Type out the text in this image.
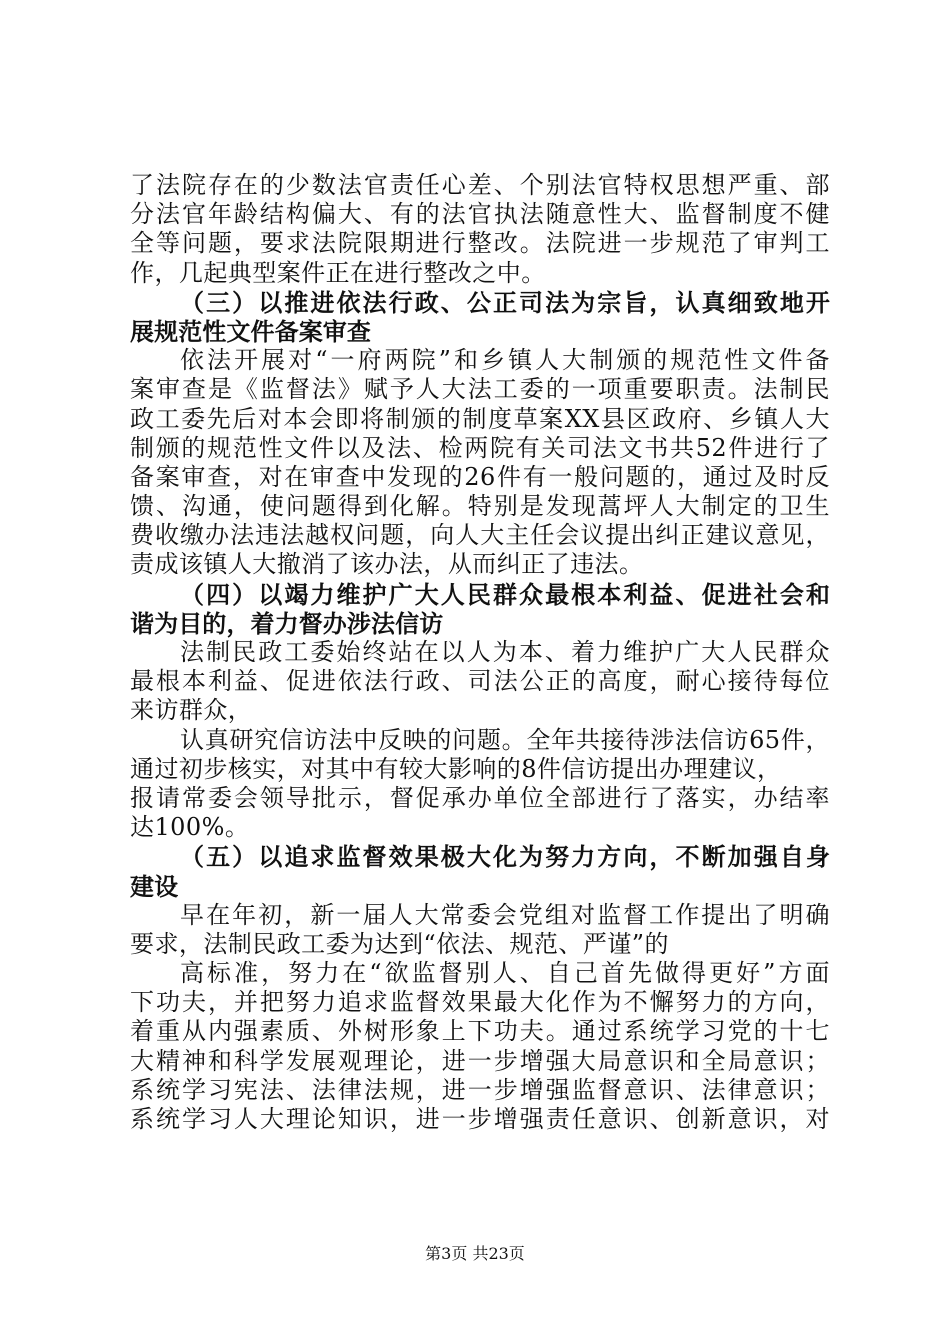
了法院存在的少数法官责任心差、个别法官特权思想严重、部
分法官年龄结构偏大、有的法官执法随意性大、监督制度不健
全等问题，要求法院限期进行整改。法院进一步规范了审判工
作，几起典型案件正在进行整改之中。
（三）以推进依法行政、公正司法为宗旨，认真细致地开
展规范性文件备案审查
依法开展对“一府两院”和乡镇人大制颁的规范性文件备
案审查是《监督法》赋予人大法工委的一项重要职责。法制民
政工委先后对本会即将制颁的制度草案XX县区政府、乡镇人大
制颁的规范性文件以及法、检两院有关司法文书共52件进行了
备案审查，对在审查中发现的26件有一般问题的，通过及时反
馈、沟通，使问题得到化解。特别是发现蒿坪人大制定的卫生
费收缴办法违法越权问题，向人大主任会议提出纠正建议意见，
责成该镇人大撤消了该办法，从而纠正了违法。
（四）以竭力维护广大人民群众最根本利益、促进社会和
谐为目的，着力督办涉法信访
法制民政工委始终站在以人为本、着力维护广大人民群众
最根本利益、促进依法行政、司法公正的高度，耐心接待每位
来访群众，
认真研究信访法中反映的问题。全年共接待涉法信访65件，
通过初步核实，对其中有较大影响的8件信访提出办理建议，
报请常委会领导批示，督促承办单位全部进行了落实，办结率
达100%。
（五）以追求监督效果极大化为努力方向，不断加强自身
建设
早在年初，新一届人大常委会党组对监督工作提出了明确
要求，法制民政工委为达到“依法、规范、严谨”的
高标准，努力在“欲监督别人、自己首先做得更好”方面
下功夫，并把努力追求监督效果最大化作为不懈努力的方向，
着重从内强素质、外树形象上下功夫。通过系统学习党的十七
大精神和科学发展观理论，进一步增强大局意识和全局意识；
系统学习宪法、法律法规，进一步增强监督意识、法律意识；
系统学习人大理论知识，进一步增强责任意识、创新意识，对
第3页 共23页
